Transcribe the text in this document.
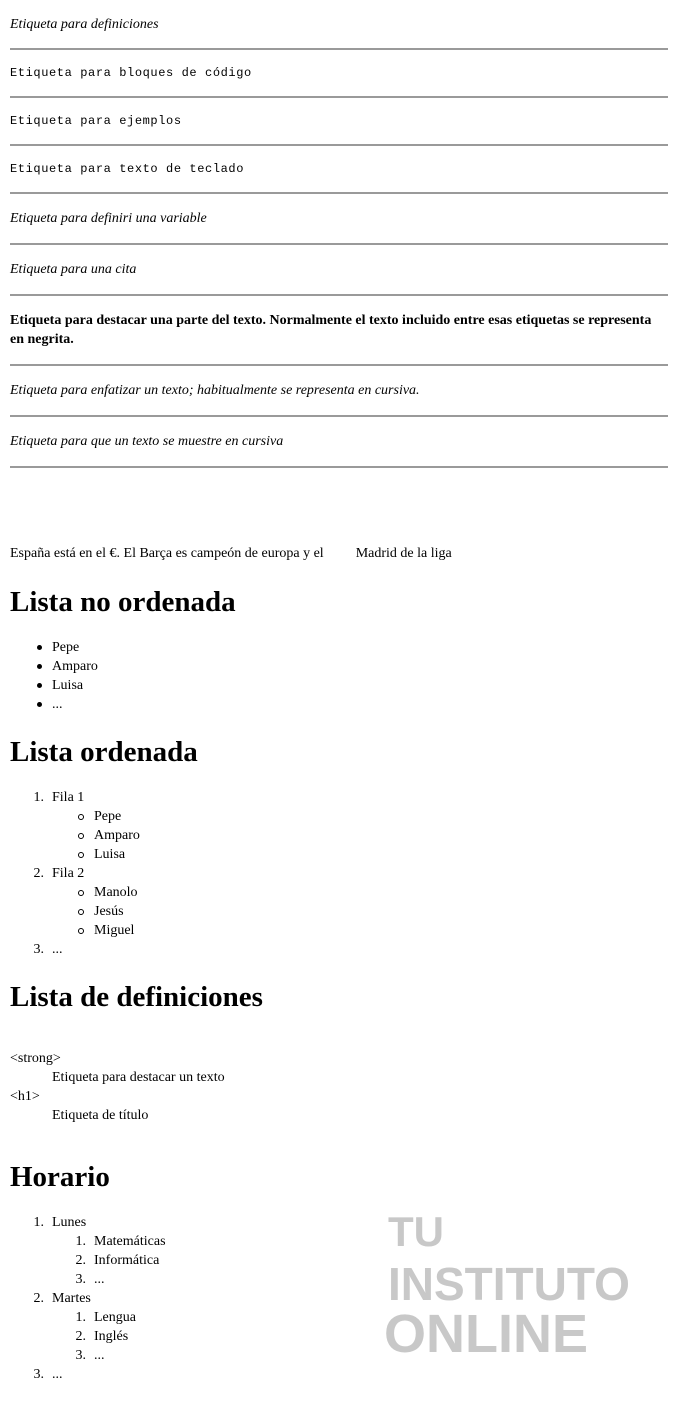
Etiqueta para definiciones
Etiqueta para bloques de código
Etiqueta para ejemplos
Etiqueta para texto de teclado
Etiqueta para definiri una variable
Etiqueta para una cita
Etiqueta para destacar una parte del texto. Normalmente el texto incluido entre esas etiquetas se representa en negrita.
Etiqueta para enfatizar un texto; habitualmente se representa en cursiva.
Etiqueta para que un texto se muestre en cursiva
España está en el €. El Barça es campeón de europa y el Madrid de la liga
Lista no ordenada
Pepe
Amparo
Luisa
...
Lista ordenada
1. Fila 1
Pepe
Amparo
Luisa
2. Fila 2
Manolo
Jesús
Miguel
3. ...
Lista de definiciones
<strong>
Etiqueta para destacar un texto
<h1>
Etiqueta de título
Horario
1. Lunes
1. Matemáticas
2. Informática
3. ...
2. Martes
1. Lengua
2. Inglés
3. ...
3. ...
TU
INSTITUTO
ONLINE
